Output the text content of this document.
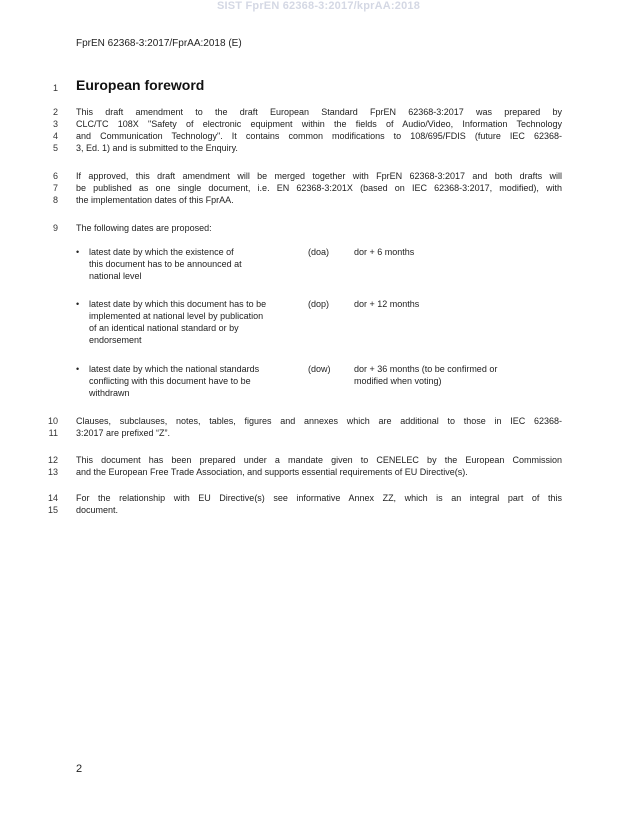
SIST FprEN 62368-3:2017/kprAA:2018
FprEN 62368-3:2017/FprAA:2018 (E)
1 European foreword
2
3
4
5
This draft amendment to the draft European Standard FprEN 62368-3:2017 was prepared by
CLC/TC 108X "Safety of electronic equipment within the fields of Audio/Video, Information Technology
and Communication Technology". It contains common modifications to 108/695/FDIS (future IEC 62368-
3, Ed. 1) and is submitted to the Enquiry.
6
7
8
If approved, this draft amendment will be merged together with FprEN 62368-3:2017 and both drafts will
be published as one single document, i.e. EN 62368-3:201X (based on IEC 62368-3:2017, modified), with
the implementation dates of this FprAA.
9 The following dates are proposed:
• latest date by which the existence of
this document has to be announced at
national level
(doa)	dor + 6 months
• latest date by which this document has to be
implemented at national level by publication
of an identical national standard or by
endorsement
(dop)	dor + 12 months
• latest date by which the national standards
conflicting with this document have to be
withdrawn
(dow)	dor + 36 months (to be confirmed or
modified when voting)
10
11
Clauses, subclauses, notes, tables, figures and annexes which are additional to those in IEC 62368-
3:2017 are prefixed “Z”.
12
13
This document has been prepared under a mandate given to CENELEC by the European Commission
and the European Free Trade Association, and supports essential requirements of EU Directive(s).
14
15
For the relationship with EU Directive(s) see informative Annex ZZ, which is an integral part of this
document.
2
